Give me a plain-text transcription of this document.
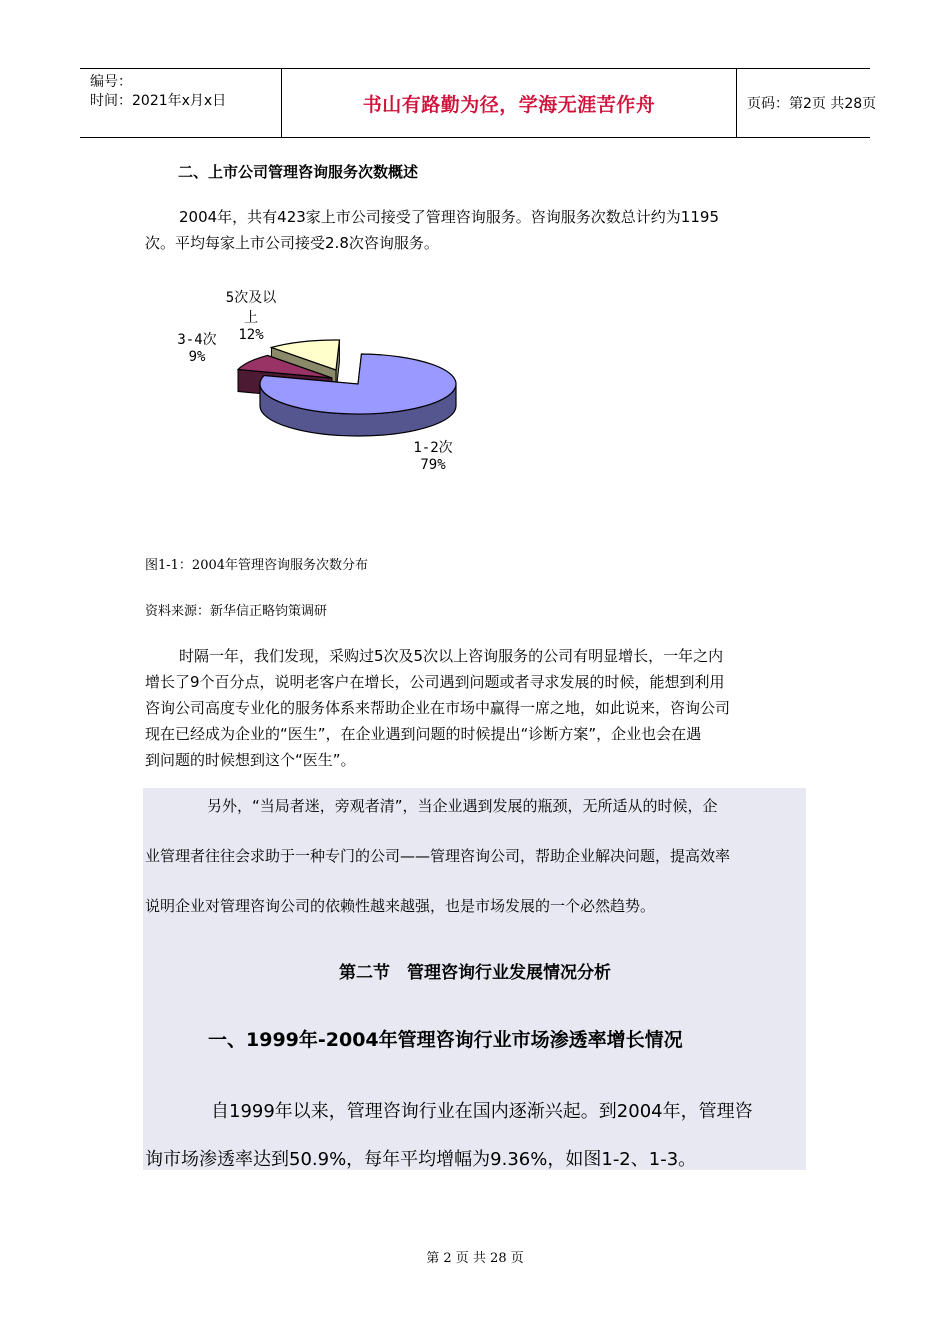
编号：
时间：2021年x月x日	书山有路勤为径，学海无涯苦作舟	页码：第2页 共28页
二、上市公司管理咨询服务次数概述
2004年，共有423家上市公司接受了管理咨询服务。咨询服务次数总计约为1195
次。平均每家上市公司接受2.8次咨询服务。
5次及以
上
12%
3-4次
9%
1-2次
79%
图1-1：2004年管理咨询服务次数分布
资料来源：新华信正略钧策调研
时隔一年，我们发现，采购过5次及5次以上咨询服务的公司有明显增长，一年之内
增长了9个百分点，说明老客户在增长，公司遇到问题或者寻求发展的时候，能想到利用
咨询公司高度专业化的服务体系来帮助企业在市场中赢得一席之地，如此说来，咨询公司
现在已经成为企业的“医生”，在企业遇到问题的时候提出“诊断方案”，企业也会在遇
到问题的时候想到这个“医生”。
另外，“当局者迷，旁观者清”，当企业遇到发展的瓶颈，无所适从的时候，企
业管理者往往会求助于一种专门的公司——管理咨询公司，帮助企业解决问题，提高效率
说明企业对管理咨询公司的依赖性越来越强，也是市场发展的一个必然趋势。
第二节　管理咨询行业发展情况分析
一、1999年-2004年管理咨询行业市场渗透率增长情况
自1999年以来，管理咨询行业在国内逐渐兴起。到2004年，管理咨
询市场渗透率达到50.9%，每年平均增幅为9.36%，如图1-2、1-3。
第 2 页 共 28 页
